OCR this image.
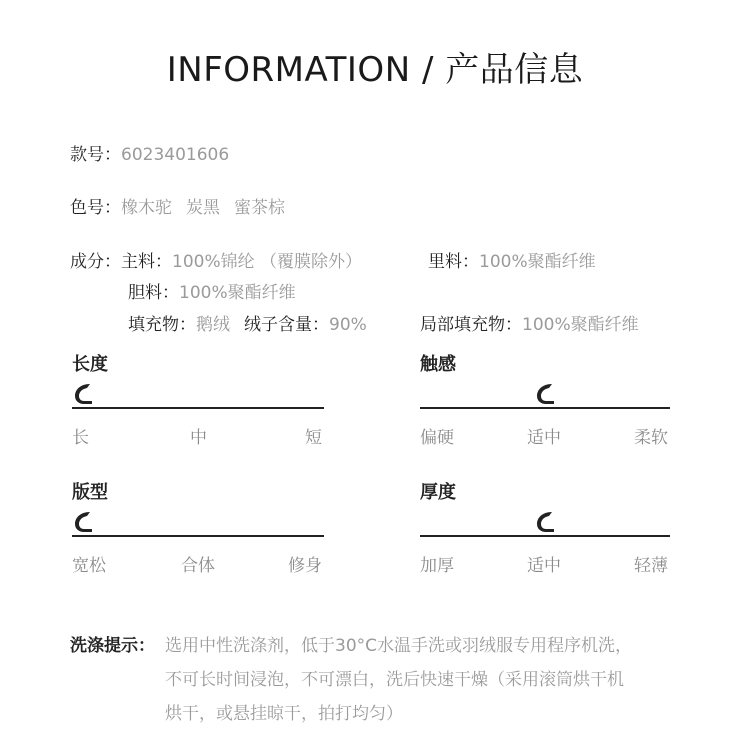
INFORMATION / 产品信息
款号：6023401606
色号：橡木驼 炭黑 蜜茶棕
成分：主料：100%锦纶 （覆膜除外）	里料：100%聚酯纤维
胆料：100%聚酯纤维
填充物：鹅绒 绒子含量：90%	局部填充物：100%聚酯纤维
长度
长	中	短
触感
偏硬	适中	柔软
版型
宽松	合体	修身
厚度
加厚	适中	轻薄
洗涤提示： 选用中性洗涤剂，低于30°C水温手洗或羽绒服专用程序机洗，
不可长时间浸泡，不可漂白，洗后快速干燥（采用滚筒烘干机
烘干，或悬挂晾干，拍打均匀）
